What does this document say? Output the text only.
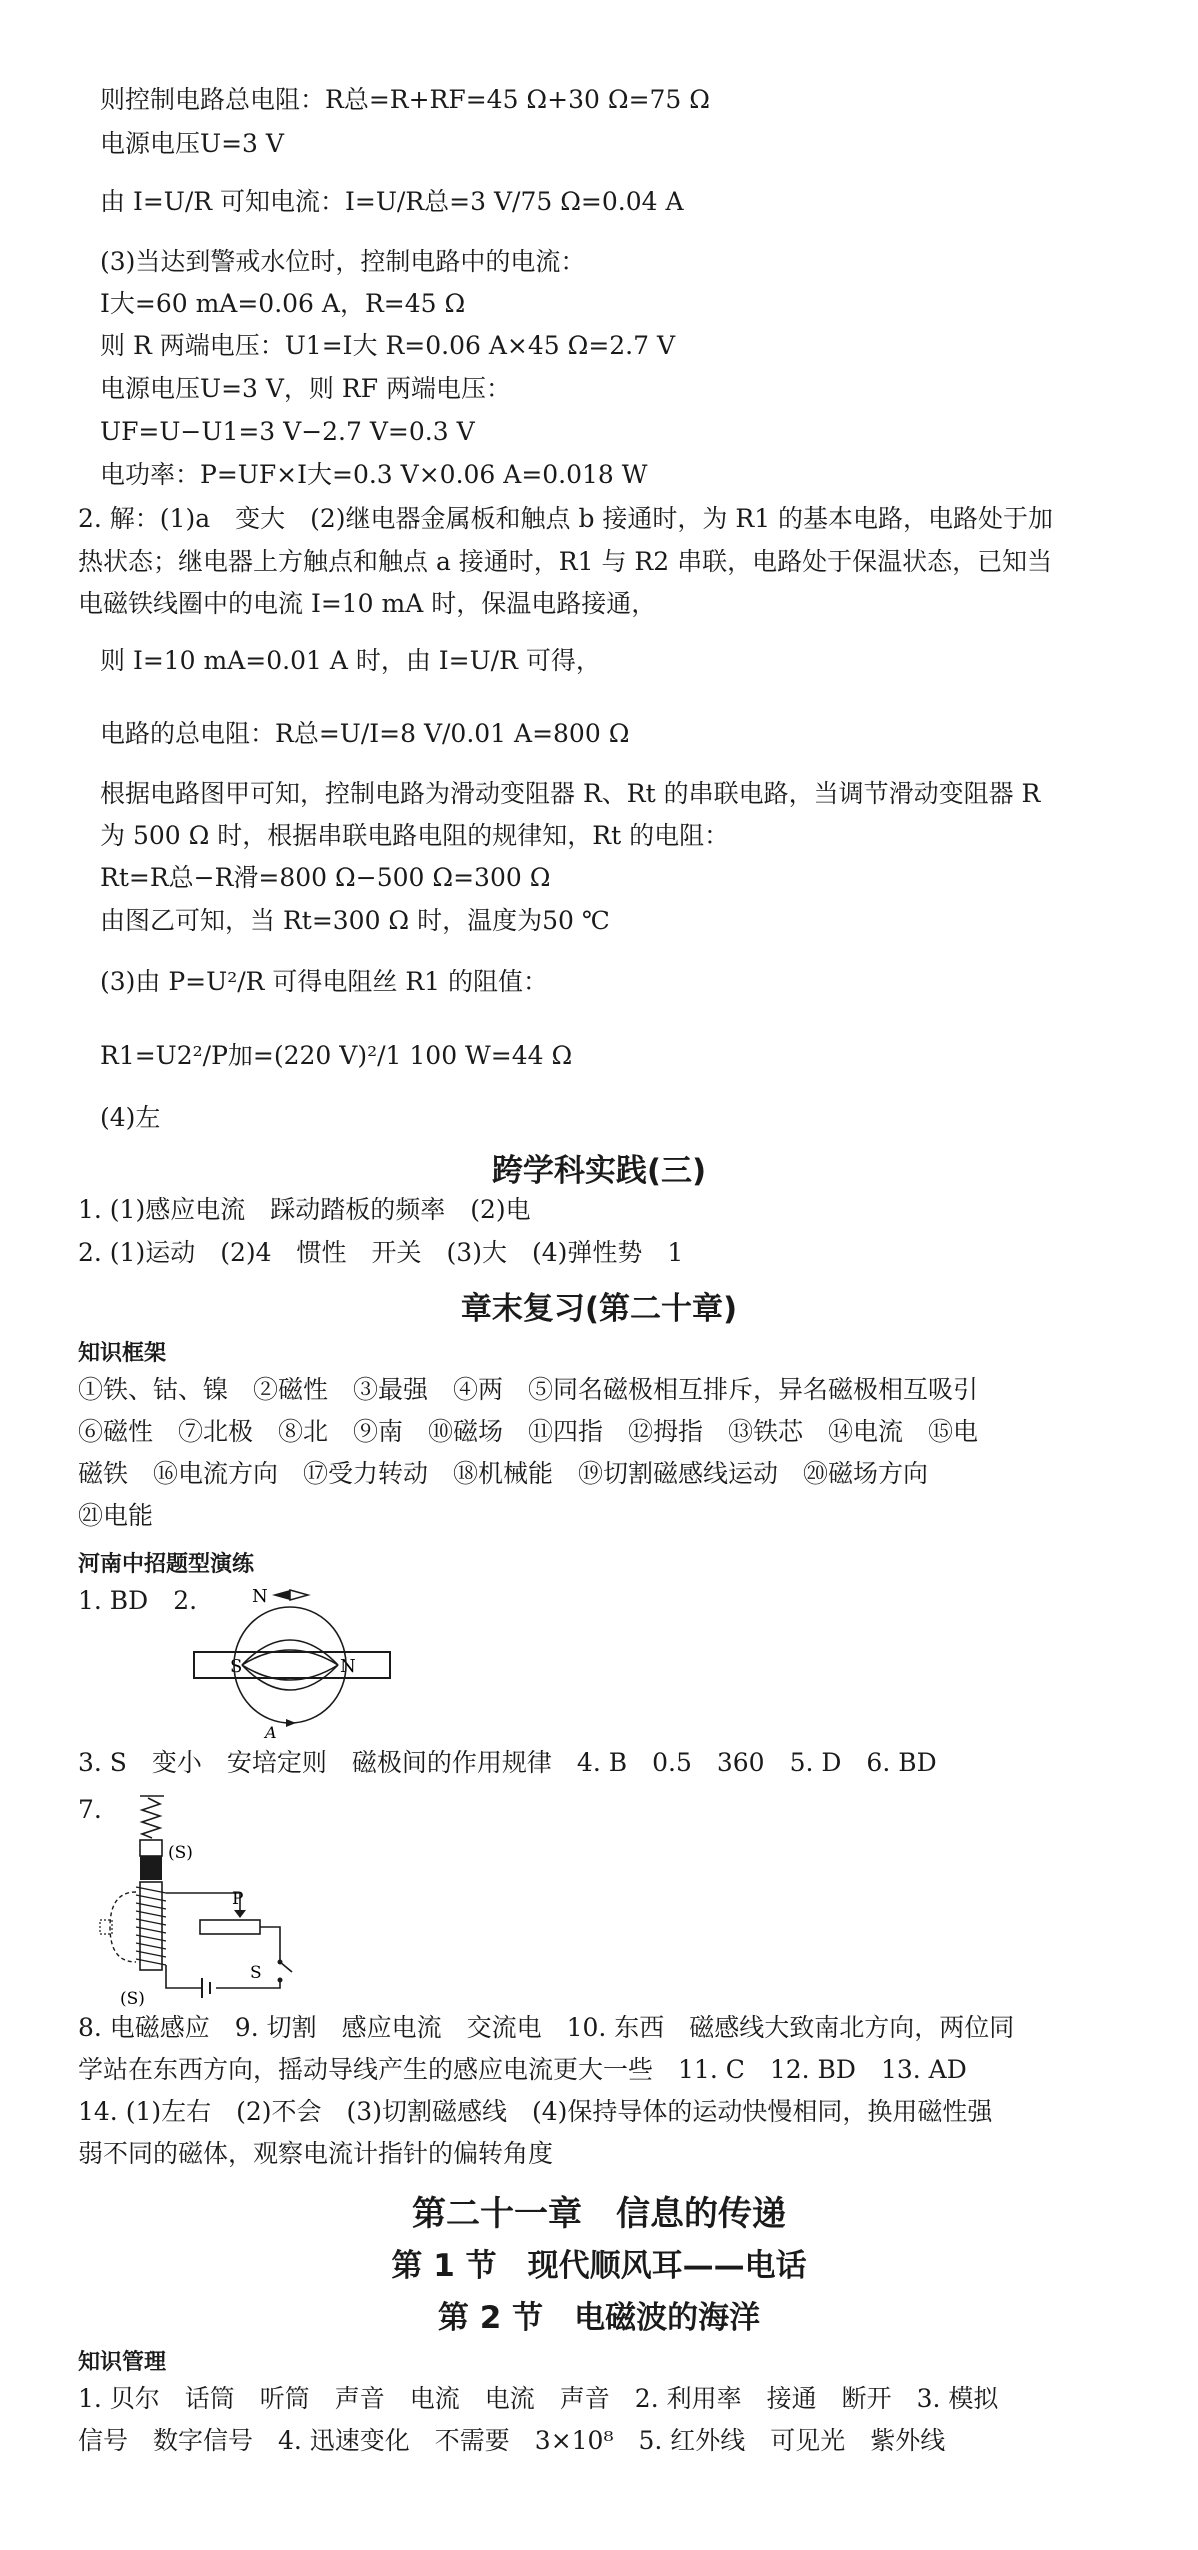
则控制电路总电阻：R总=R+RF=45 Ω+30 Ω=75 Ω
电源电压U=3 V
由 I=U/R 可知电流：I=U/R总=3 V/75 Ω=0.04 A
(3)当达到警戒水位时，控制电路中的电流：
I大=60 mA=0.06 A，R=45 Ω
则 R 两端电压：U1=I大 R=0.06 A×45 Ω=2.7 V
电源电压U=3 V，则 RF 两端电压：
UF=U−U1=3 V−2.7 V=0.3 V
电功率：P=UF×I大=0.3 V×0.06 A=0.018 W
2. 解：(1)a　变大　(2)继电器金属板和触点 b 接通时，为 R1 的基本电路，电路处于加
热状态；继电器上方触点和触点 a 接通时，R1 与 R2 串联，电路处于保温状态，已知当
电磁铁线圈中的电流 I=10 mA 时，保温电路接通，
则 I=10 mA=0.01 A 时，由 I=U/R 可得，
电路的总电阻：R总=U/I=8 V/0.01 A=800 Ω
根据电路图甲可知，控制电路为滑动变阻器 R、Rt 的串联电路，当调节滑动变阻器 R
为 500 Ω 时，根据串联电路电阻的规律知，Rt 的电阻：
Rt=R总−R滑=800 Ω−500 Ω=300 Ω
由图乙可知，当 Rt=300 Ω 时，温度为50 ℃
(3)由 P=U²/R 可得电阻丝 R1 的阻值：
R1=U2²/P加=(220 V)²/1 100 W=44 Ω
(4)左
跨学科实践(三)
1. (1)感应电流　踩动踏板的频率　(2)电
2. (1)运动　(2)4　惯性　开关　(3)大　(4)弹性势　1
章末复习(第二十章)
知识框架
①铁、钴、镍　②磁性　③最强　④两　⑤同名磁极相互排斥，异名磁极相互吸引
⑥磁性　⑦北极　⑧北　⑨南　⑩磁场　⑪四指　⑫拇指　⑬铁芯　⑭电流　⑮电
磁铁　⑯电流方向　⑰受力转动　⑱机械能　⑲切割磁感线运动　⑳磁场方向
㉑电能
河南中招题型演练
1. BD　2.	N
S	N
A
3. S　变小　安培定则　磁极间的作用规律　4. B　0.5　360　5. D　6. BD
7.
(S)
P
S
(S)
8. 电磁感应　9. 切割　感应电流　交流电　10. 东西　磁感线大致南北方向，两位同
学站在东西方向，摇动导线产生的感应电流更大一些　11. C　12. BD　13. AD
14. (1)左右　(2)不会　(3)切割磁感线　(4)保持导体的运动快慢相同，换用磁性强
弱不同的磁体，观察电流计指针的偏转角度
第二十一章　信息的传递
第 1 节　现代顺风耳——电话
第 2 节　电磁波的海洋
知识管理
1. 贝尔　话筒　听筒　声音　电流　电流　声音　2. 利用率　接通　断开　3. 模拟
信号　数字信号　4. 迅速变化　不需要　3×10⁸　5. 红外线　可见光　紫外线
